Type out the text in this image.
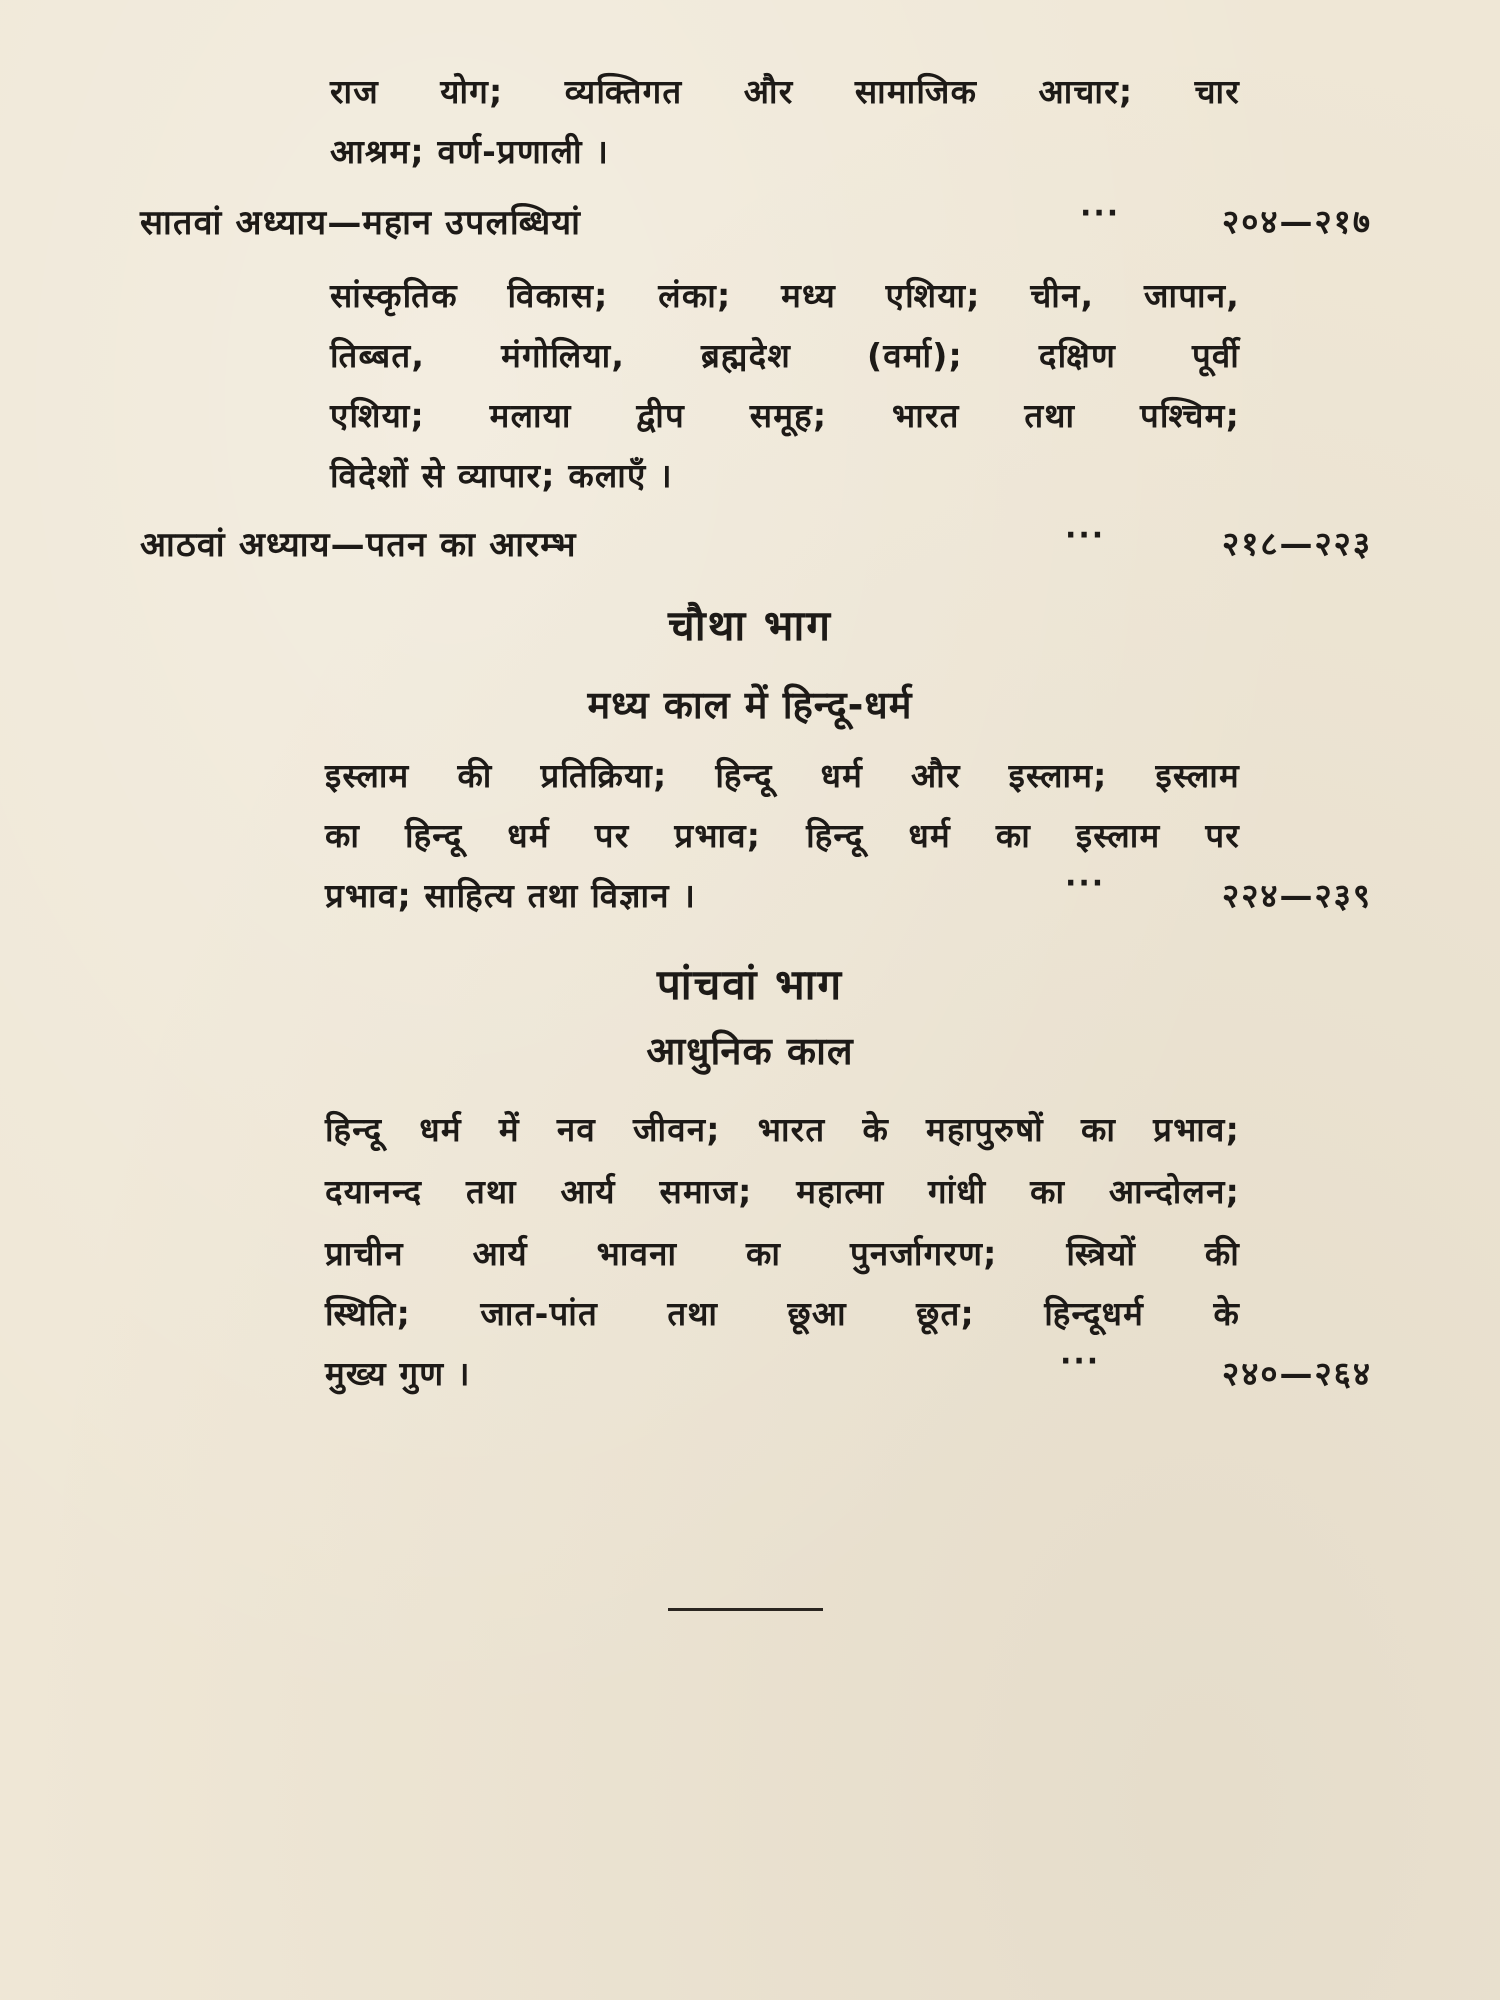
राज योग; व्यक्तिगत और सामाजिक आचार; चार
आश्रम; वर्ण-प्रणाली ।
सातवां अध्याय—महान उपलब्धियां	···	२०४—२१७
सांस्कृतिक विकास; लंका; मध्य एशिया; चीन, जापान,
तिब्बत, मंगोलिया, ब्रह्मदेश (वर्मा); दक्षिण पूर्वी
एशिया; मलाया द्वीप समूह; भारत तथा पश्चिम;
विदेशों से व्यापार; कलाएँ ।
आठवां अध्याय—पतन का आरम्भ	···	२१८—२२३
चौथा भाग
मध्य काल में हिन्दू-धर्म
इस्लाम की प्रतिक्रिया; हिन्दू धर्म और इस्लाम; इस्लाम
का हिन्दू धर्म पर प्रभाव; हिन्दू धर्म का इस्लाम पर
प्रभाव; साहित्य तथा विज्ञान ।	···	२२४—२३९
पांचवां भाग
आधुनिक काल
हिन्दू धर्म में नव जीवन; भारत के महापुरुषों का प्रभाव;
दयानन्द तथा आर्य समाज; महात्मा गांधी का आन्दोलन;
प्राचीन आर्य भावना का पुनर्जागरण; स्त्रियों की
स्थिति; जात-पांत तथा छूआ छूत; हिन्दूधर्म के
मुख्य गुण ।	···	२४०—२६४
